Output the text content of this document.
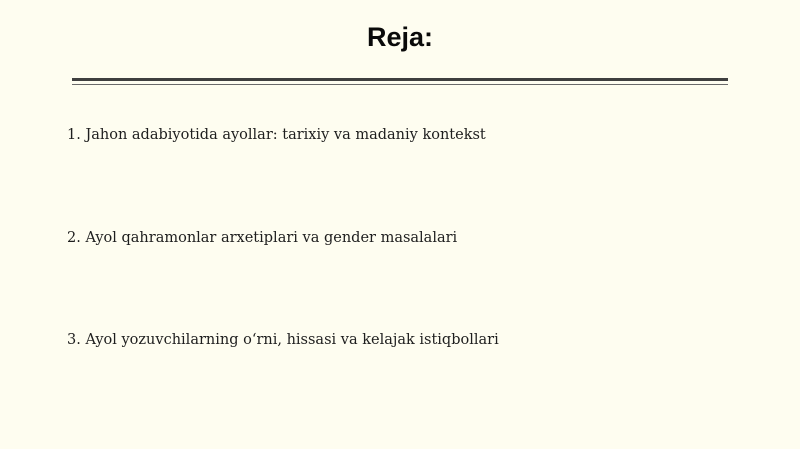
Reja:
1. Jahon adabiyotida ayollar: tarixiy va madaniy kontekst
2. Ayol qahramonlar arxetiplari va gender masalalari
3. Ayol yozuvchilarning o‘rni, hissasi va kelajak istiqbollari
